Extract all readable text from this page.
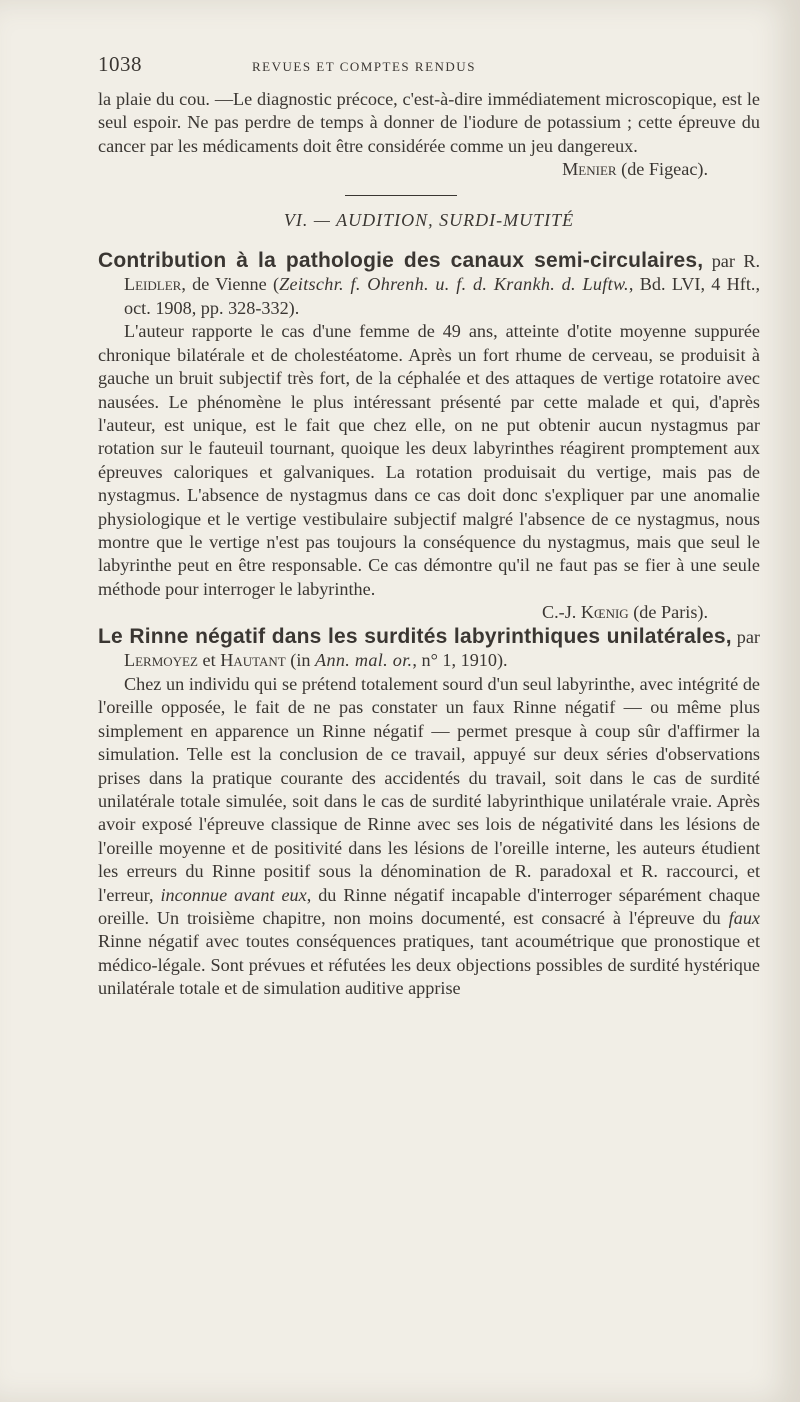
1038	REVUES ET COMPTES RENDUS

la plaie du cou. —Le diagnostic précoce, c'est-à-dire immédiatement microscopique, est le seul espoir. Ne pas perdre de temps à donner de l'iodure de potassium ; cette épreuve du cancer par les médicaments doit être considérée comme un jeu dangereux.

Menier (de Figeac).

VI. — AUDITION, SURDI-MUTITÉ

Contribution à la pathologie des canaux semi-circulaires, par R. Leidler, de Vienne (Zeitschr. f. Ohrenh. u. f. d. Krankh. d. Luftw., Bd. LVI, 4 Hft., oct. 1908, pp. 328-332).

L'auteur rapporte le cas d'une femme de 49 ans, atteinte d'otite moyenne suppurée chronique bilatérale et de cholestéatome. Après un fort rhume de cerveau, se produisit à gauche un bruit subjectif très fort, de la céphalée et des attaques de vertige rotatoire avec nausées. Le phénomène le plus intéressant présenté par cette malade et qui, d'après l'auteur, est unique, est le fait que chez elle, on ne put obtenir aucun nystagmus par rotation sur le fauteuil tournant, quoique les deux labyrinthes réagirent promptement aux épreuves caloriques et galvaniques. La rotation produisait du vertige, mais pas de nystagmus. L'absence de nystagmus dans ce cas doit donc s'expliquer par une anomalie physiologique et le vertige vestibulaire subjectif malgré l'absence de ce nystagmus, nous montre que le vertige n'est pas toujours la conséquence du nystagmus, mais que seul le labyrinthe peut en être responsable. Ce cas démontre qu'il ne faut pas se fier à une seule méthode pour interroger le labyrinthe.

C.-J. Kœnig (de Paris).

Le Rinne négatif dans les surdités labyrinthiques unilatérales, par Lermoyez et Hautant (in Ann. mal. or., n° 1, 1910).

Chez un individu qui se prétend totalement sourd d'un seul labyrinthe, avec intégrité de l'oreille opposée, le fait de ne pas constater un faux Rinne négatif — ou même plus simplement en apparence un Rinne négatif — permet presque à coup sûr d'affirmer la simulation. Telle est la conclusion de ce travail, appuyé sur deux séries d'observations prises dans la pratique courante des accidentés du travail, soit dans le cas de surdité unilatérale totale simulée, soit dans le cas de surdité labyrinthique unilatérale vraie. Après avoir exposé l'épreuve classique de Rinne avec ses lois de négativité dans les lésions de l'oreille moyenne et de positivité dans les lésions de l'oreille interne, les auteurs étudient les erreurs du Rinne positif sous la dénomination de R. paradoxal et R. raccourci, et l'erreur, inconnue avant eux, du Rinne négatif incapable d'interroger séparément chaque oreille. Un troisième chapitre, non moins documenté, est consacré à l'épreuve du faux Rinne négatif avec toutes conséquences pratiques, tant acoumétrique que pronostique et médico-légale. Sont prévues et réfutées les deux objections possibles de surdité hystérique unilatérale totale et de simulation auditive apprise
